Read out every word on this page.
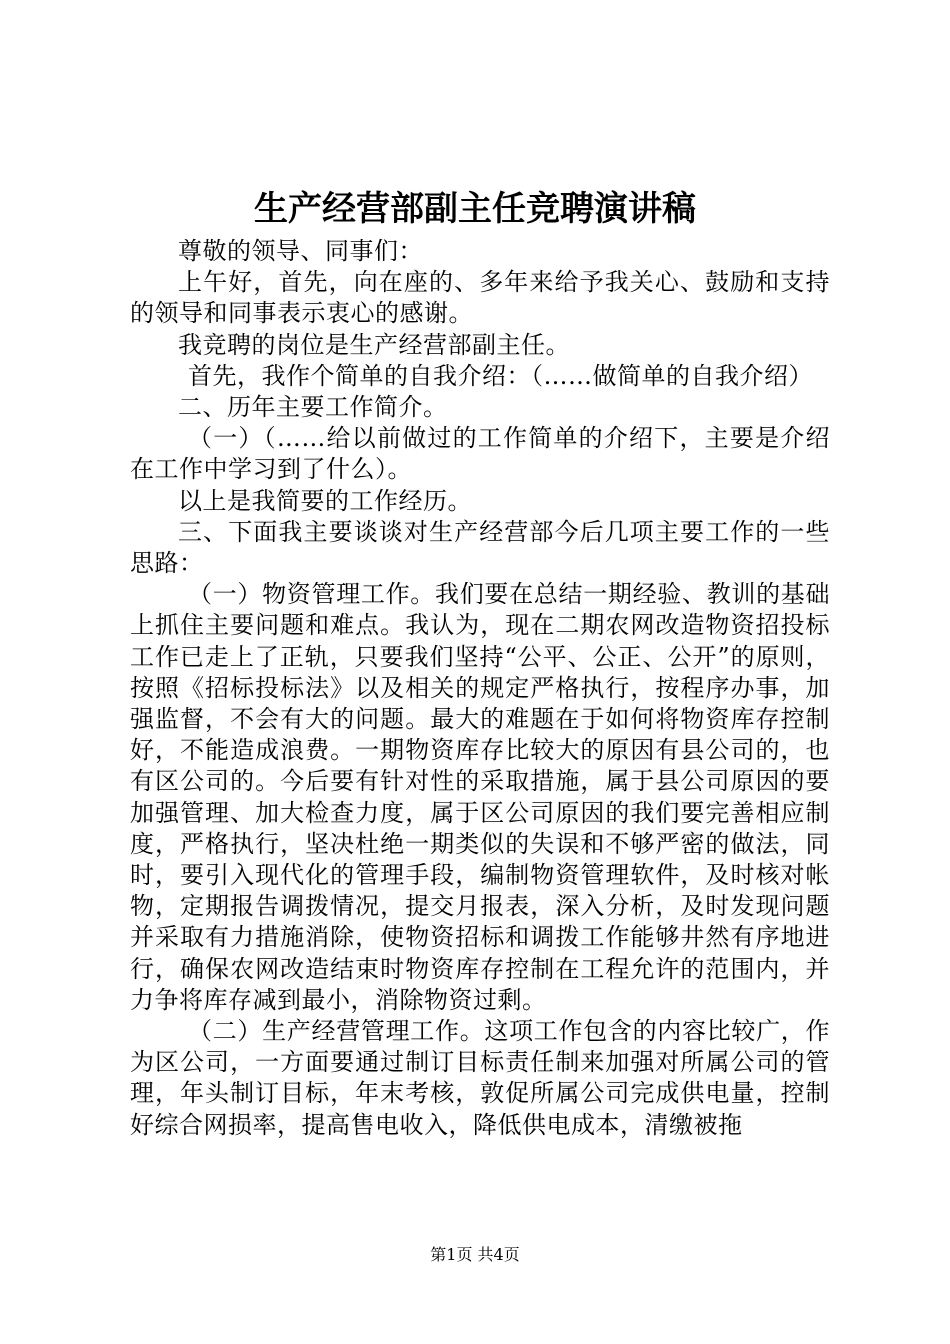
生产经营部副主任竞聘演讲稿

尊敬的领导、同事们：

上午好，首先，向在座的、多年来给予我关心、鼓励和支持的领导和同事表示衷心的感谢。

我竞聘的岗位是生产经营部副主任。

首先，我作个简单的自我介绍：（……做简单的自我介绍）

二、历年主要工作简介。

（一）（……给以前做过的工作简单的介绍下，主要是介绍在工作中学习到了什么）。

以上是我简要的工作经历。

三、下面我主要谈谈对生产经营部今后几项主要工作的一些思路：

（一）物资管理工作。我们要在总结一期经验、教训的基础上抓住主要问题和难点。我认为，现在二期农网改造物资招投标工作已走上了正轨，只要我们坚持“公平、公正、公开”的原则，按照《招标投标法》以及相关的规定严格执行，按程序办事，加强监督，不会有大的问题。最大的难题在于如何将物资库存控制好，不能造成浪费。一期物资库存比较大的原因有县公司的，也有区公司的。今后要有针对性的采取措施，属于县公司原因的要加强管理、加大检查力度，属于区公司原因的我们要完善相应制度，严格执行，坚决杜绝一期类似的失误和不够严密的做法，同时，要引入现代化的管理手段，编制物资管理软件，及时核对帐物，定期报告调拨情况，提交月报表，深入分析，及时发现问题并采取有力措施消除，使物资招标和调拨工作能够井然有序地进行，确保农网改造结束时物资库存控制在工程允许的范围内，并力争将库存减到最小，消除物资过剩。

（二）生产经营管理工作。这项工作包含的内容比较广，作为区公司，一方面要通过制订目标责任制来加强对所属公司的管理，年头制订目标，年末考核，敦促所属公司完成供电量，控制好综合网损率，提高售电收入，降低供电成本，清缴被拖

第1页 共4页
